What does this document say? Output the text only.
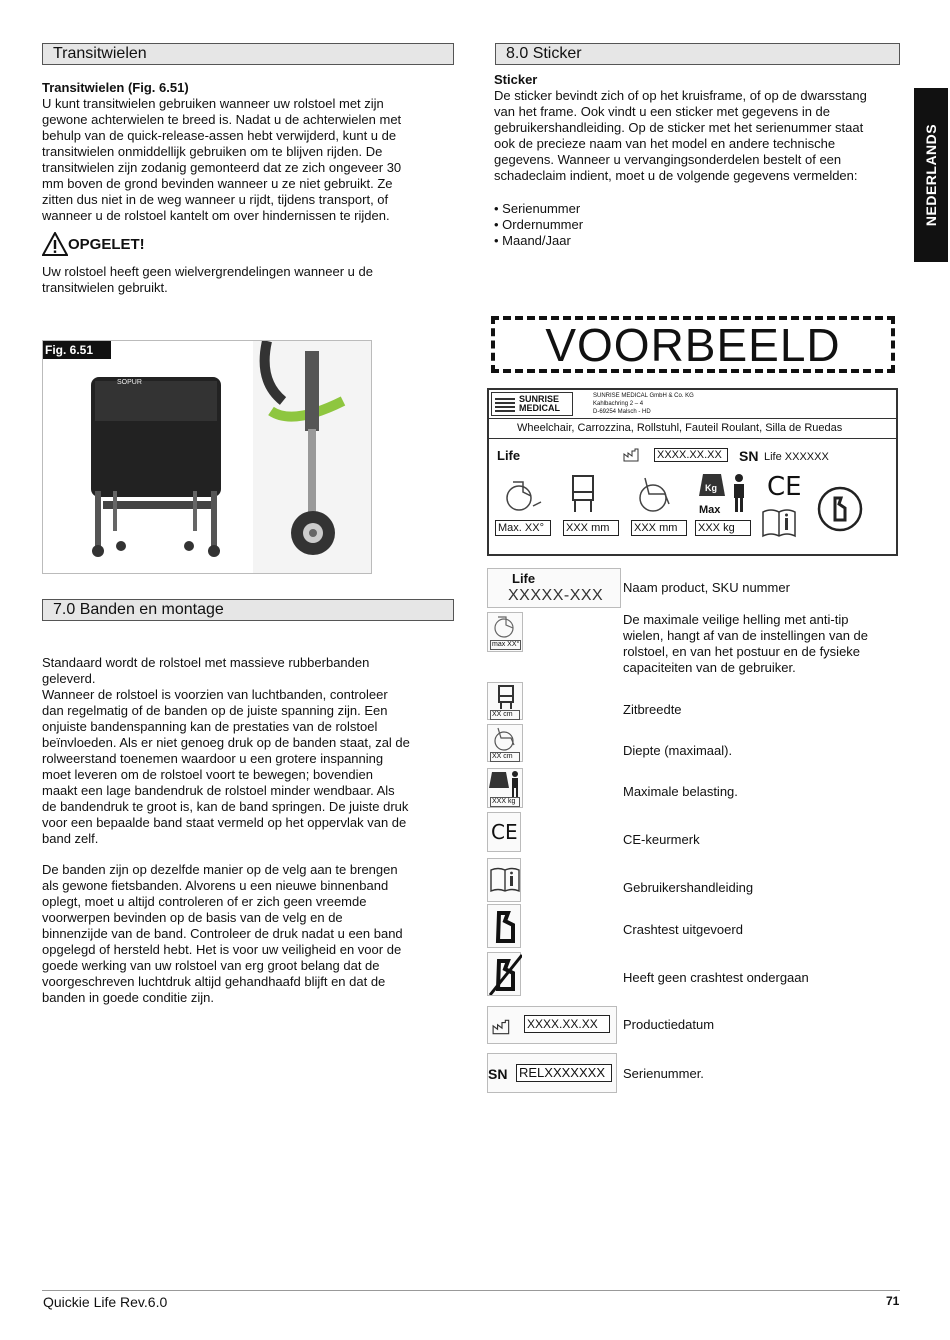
NEDERLANDS
Transitwielen
Transitwielen (Fig. 6.51)
U kunt transitwielen gebruiken wanneer uw rolstoel met zijn
gewone achterwielen te breed is. Nadat u de achterwielen met
behulp van de quick-release-assen hebt verwijderd, kunt u de
transitwielen onmiddellijk gebruiken om te blijven rijden. De
transitwielen zijn zodanig gemonteerd dat ze zich ongeveer 30
mm boven de grond bevinden wanneer u ze niet gebruikt. Ze
zitten dus niet in de weg wanneer u rijdt, tijdens transport, of
wanneer u de rolstoel kantelt om over hindernissen te rijden.
OPGELET!
Uw rolstoel heeft geen wielvergrendelingen wanneer u de
transitwielen gebruikt.
Fig. 6.51
SOPUR
7.0 Banden en montage
Standaard wordt de rolstoel met massieve rubberbanden
geleverd.
Wanneer de rolstoel is voorzien van luchtbanden, controleer
dan regelmatig of de banden op de juiste spanning zijn. Een
onjuiste bandenspanning kan de prestaties van de rolstoel
beïnvloeden. Als er niet genoeg druk op de banden staat, zal de
rolweerstand toenemen waardoor u een grotere inspanning
moet leveren om de rolstoel voort te bewegen; bovendien
maakt een lage bandendruk de rolstoel minder wendbaar. Als
de bandendruk te groot is, kan de band springen. De juiste druk
voor een bepaalde band staat vermeld op het oppervlak van de
band zelf.
De banden zijn op dezelfde manier op de velg aan te brengen
als gewone fietsbanden. Alvorens u een nieuwe binnenband
oplegt, moet u altijd controleren of er zich geen vreemde
voorwerpen bevinden op de basis van de velg en de
binnenzijde van de band. Controleer de druk nadat u een band
opgelegd of hersteld hebt. Het is voor uw veiligheid en voor de
goede werking van uw rolstoel van erg groot belang dat de
voorgeschreven luchtdruk altijd gehandhaafd blijft en dat de
banden in goede conditie zijn.
8.0 Sticker
Sticker
De sticker bevindt zich of op het kruisframe, of op de dwarsstang
van het frame. Ook vindt u een sticker met gegevens in de
gebruikershandleiding. Op de sticker met het serienummer staat
ook de precieze naam van het model en andere technische
gegevens. Wanneer u vervangingsonderdelen bestelt of een
schadeclaim indient, moet u de volgende gegevens vermelden:
• Serienummer
• Ordernummer
• Maand/Jaar
VOORBEELD
SUNRISE MEDICAL
SUNRISE MEDICAL GmbH & Co. KG
Kahlbachring 2 – 4
D-69254 Malsch - HD
Wheelchair, Carrozzina, Rollstuhl, Fauteil Roulant, Silla de Ruedas
Life	XXXX.XX.XX	SN Life XXXXXX
Kg
Max
CE
Max. XX°	XXX mm	XXX mm	XXX kg
Life
XXXXX-XXX Naam product, SKU nummer
max XX°
De maximale veilige helling met anti-tip
wielen, hangt af van de instellingen van de
rolstoel, en van het postuur en de fysieke
capaciteiten van de gebruiker.
XX cm	Zitbreedte
XX cm	Diepte (maximaal).
XXX kg
Maximale belasting.
CE	CE-keurmerk
Gebruikershandleiding
Crashtest uitgevoerd
Heeft geen crashtest ondergaan
XXXX.XX.XX	Productiedatum
SN RELXXXXXXX	Serienummer.
Quickie Life Rev.6.0	71
